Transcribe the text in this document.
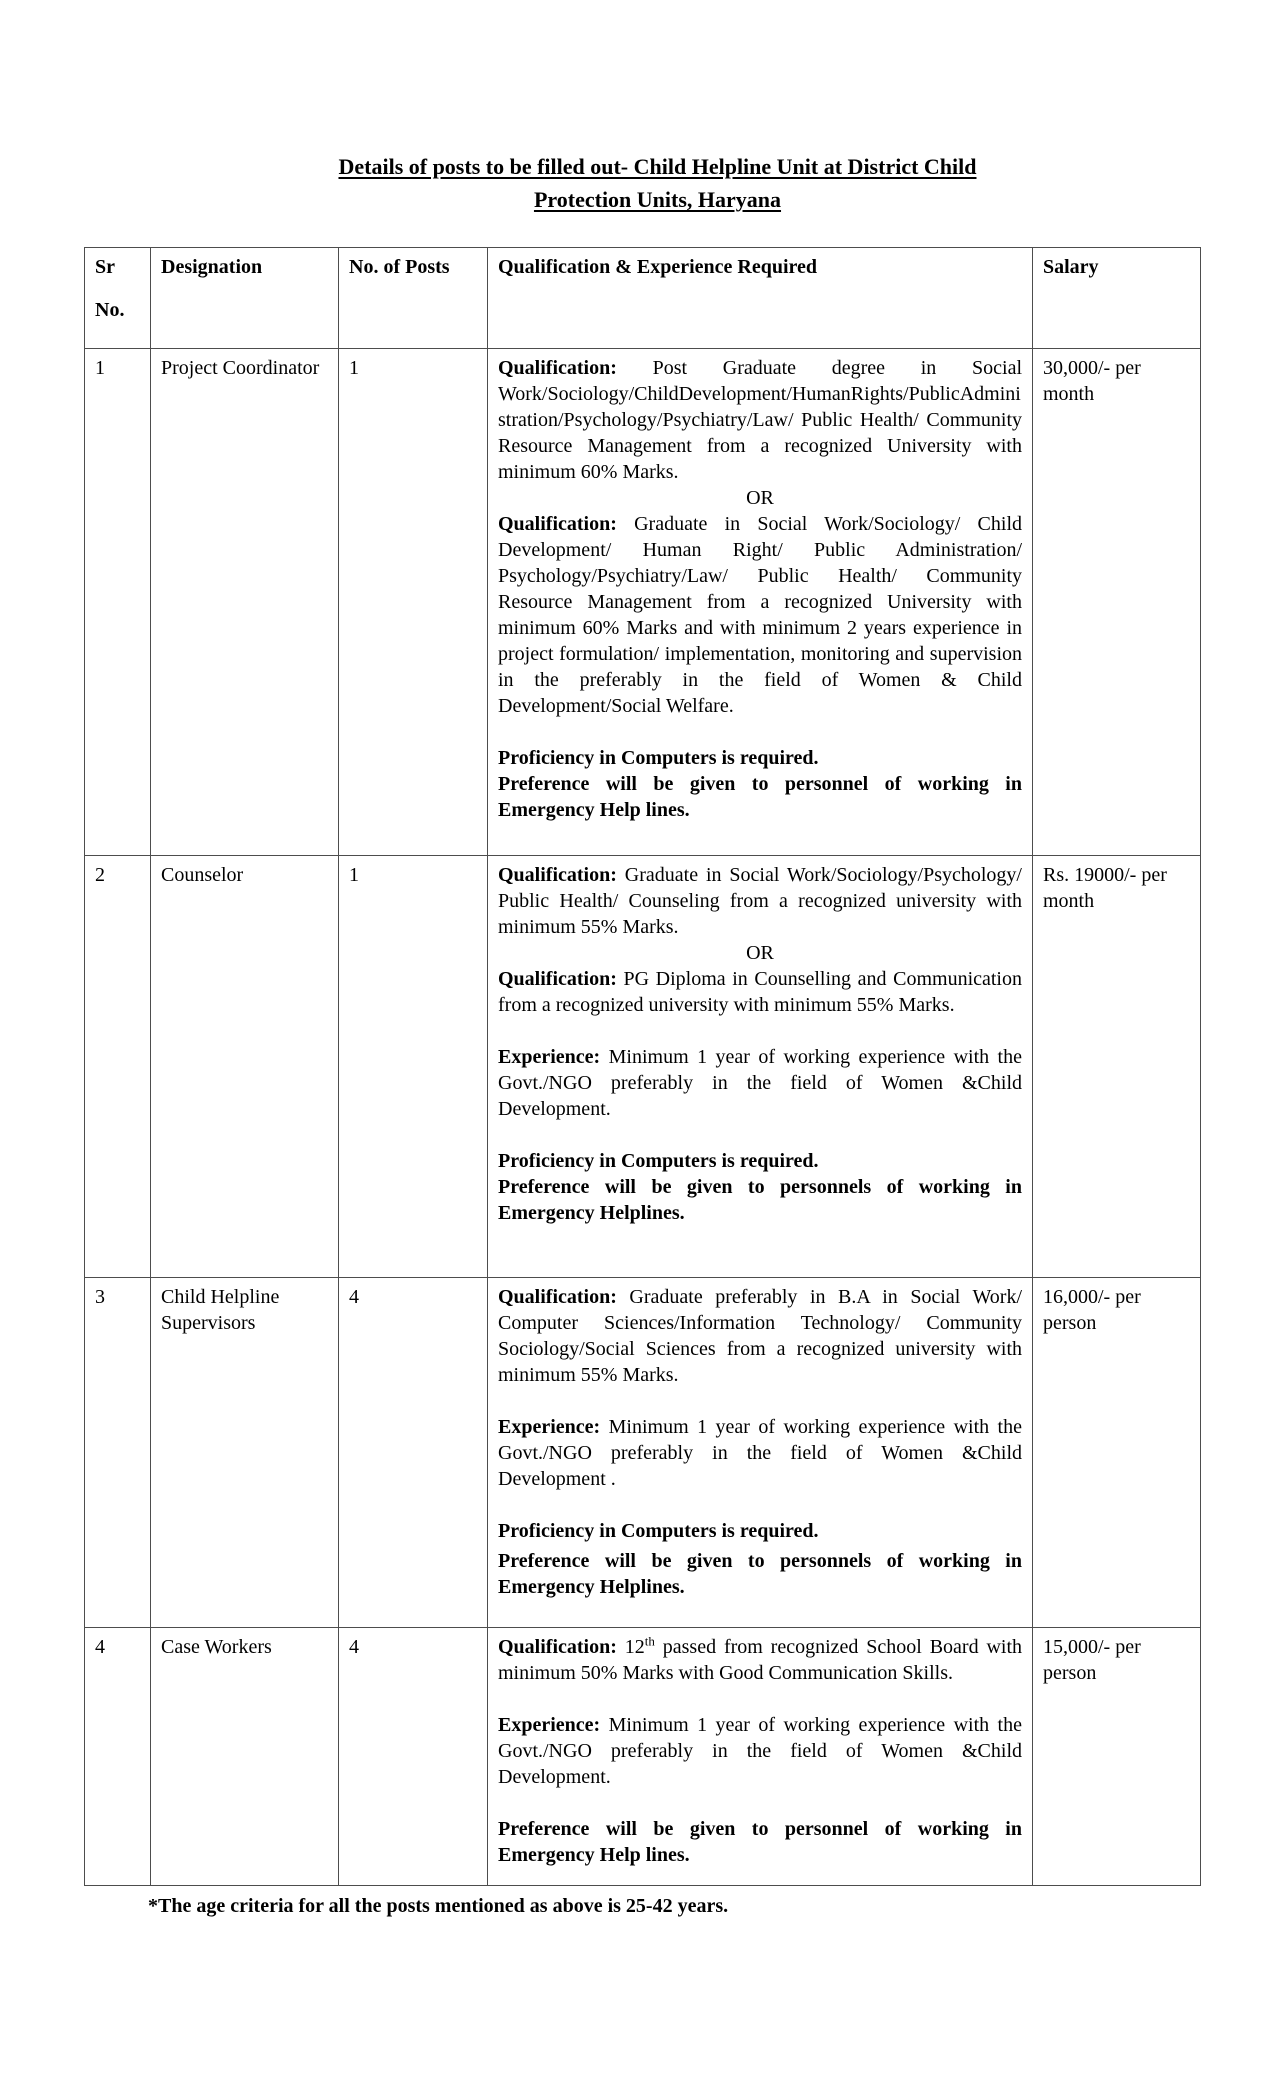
Details of posts to be filled out- Child Helpline Unit at District Child
Protection Units, Haryana
Sr
No.	Designation	No. of Posts	Qualification & Experience Required	Salary
1	Project Coordinator	1	Qualification: Post Graduate degree in Social Work/Sociology/ChildDevelopment/HumanRights/PublicAdministration/Psychology/Psychiatry/Law/ Public Health/ Community Resource Management from a recognized University with minimum 60% Marks.

OR

Qualification: Graduate in Social Work/Sociology/ Child Development/ Human Right/ Public Administration/ Psychology/Psychiatry/Law/ Public Health/ Community Resource Management from a recognized University with minimum 60% Marks and with minimum 2 years experience in project formulation/ implementation, monitoring and supervision in the preferably in the field of Women & Child Development/Social Welfare.

Proficiency in Computers is required.

Preference will be given to personnel of working in Emergency Help lines.	30,000/- per month
2	Counselor	1	Qualification: Graduate in Social Work/Sociology/Psychology/ Public Health/ Counseling from a recognized university with minimum 55% Marks.

OR

Qualification: PG Diploma in Counselling and Communication from a recognized university with minimum 55% Marks.

Experience: Minimum 1 year of working experience with the Govt./NGO preferably in the field of Women &Child Development.

Proficiency in Computers is required.

Preference will be given to personnels of working in Emergency Helplines.

	Rs. 19000/- per month
3	Child Helpline Supervisors	4	Qualification: Graduate preferably in B.A in Social Work/ Computer Sciences/Information Technology/ Community Sociology/Social Sciences from a recognized university with minimum 55% Marks.

Experience: Minimum 1 year of working experience with the Govt./NGO preferably in the field of Women &Child Development .

Proficiency in Computers is required.

Preference will be given to personnels of working in Emergency Helplines.	16,000/- per person
4	Case Workers	4	Qualification: 12th passed from recognized School Board with minimum 50% Marks with Good Communication Skills.

Experience: Minimum 1 year of working experience with the Govt./NGO preferably in the field of Women &Child Development.

Preference will be given to personnel of working in Emergency Help lines.	15,000/- per person

*The age criteria for all the posts mentioned as above is 25-42 years.
